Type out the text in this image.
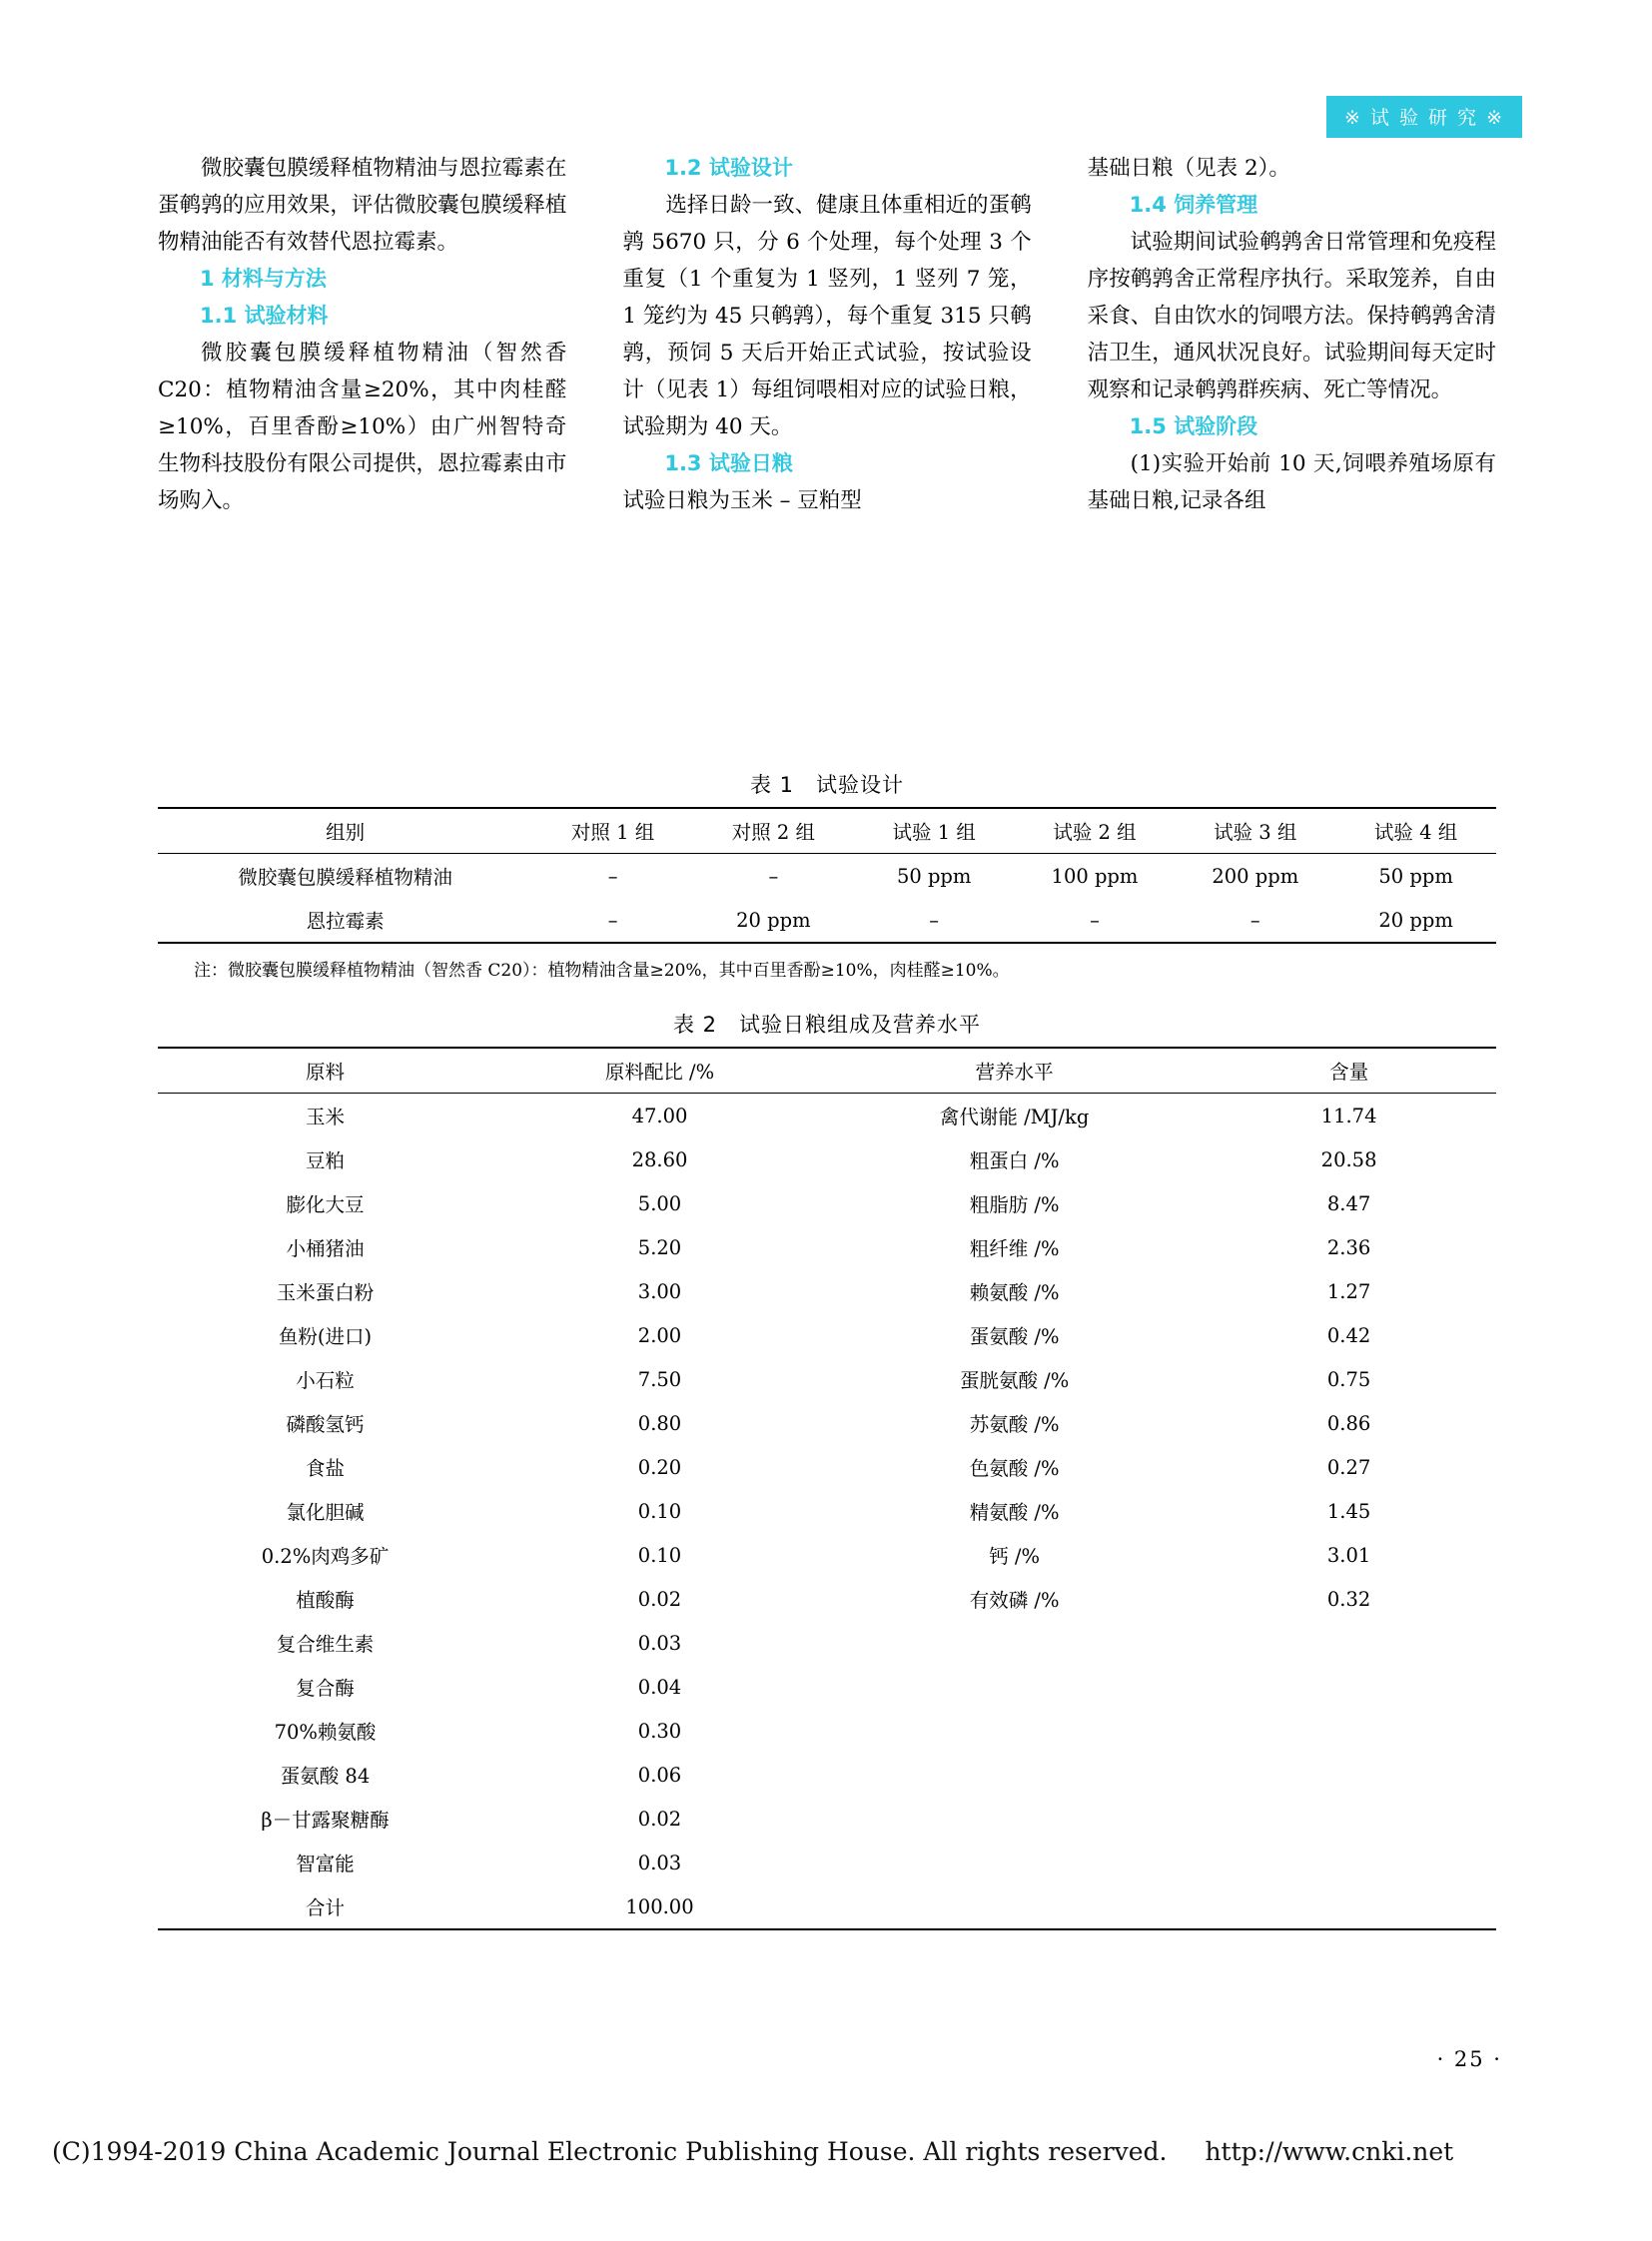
※ 试 验 研 究 ※

微胶囊包膜缓释植物精油与恩拉霉素在蛋鹌鹑的应用效果，评估微胶囊包膜缓释植物精油能否有效替代恩拉霉素。

1 材料与方法

1.1 试验材料

微胶囊包膜缓释植物精油（智然香 C20：植物精油含量≥20%，其中肉桂醛≥10%，百里香酚≥10%）由广州智特奇生物科技股份有限公司提供，恩拉霉素由市场购入。

1.2 试验设计

选择日龄一致、健康且体重相近的蛋鹌鹑 5670 只，分 6 个处理，每个处理 3 个重复（1 个重复为 1 竖列，1 竖列 7 笼，1 笼约为 45 只鹌鹑），每个重复 315 只鹌鹑，预饲 5 天后开始正式试验，按试验设计（见表 1）每组饲喂相对应的试验日粮，试验期为 40 天。

1.3 试验日粮

试验日粮为玉米 – 豆粕型

基础日粮（见表 2）。

1.4 饲养管理

试验期间试验鹌鹑舍日常管理和免疫程序按鹌鹑舍正常程序执行。采取笼养，自由采食、自由饮水的饲喂方法。保持鹌鹑舍清洁卫生，通风状况良好。试验期间每天定时观察和记录鹌鹑群疾病、死亡等情况。

1.5 试验阶段

(1)实验开始前 10 天,饲喂养殖场原有基础日粮,记录各组

表 1　试验设计
组别	对照 1 组	对照 2 组	试验 1 组	试验 2 组	试验 3 组	试验 4 组
微胶囊包膜缓释植物精油	–	–	50 ppm	100 ppm	200 ppm	50 ppm
恩拉霉素	–	20 ppm	–	–	–	20 ppm
注：微胶囊包膜缓释植物精油（智然香 C20）：植物精油含量≥20%，其中百里香酚≥10%，肉桂醛≥10%。
表 2　试验日粮组成及营养水平
原料	原料配比 /%	营养水平	含量
玉米	47.00	禽代谢能 /MJ/kg	11.74
豆粕	28.60	粗蛋白 /%	20.58
膨化大豆	5.00	粗脂肪 /%	8.47
小桶猪油	5.20	粗纤维 /%	2.36
玉米蛋白粉	3.00	赖氨酸 /%	1.27
鱼粉(进口)	2.00	蛋氨酸 /%	0.42
小石粒	7.50	蛋胱氨酸 /%	0.75
磷酸氢钙	0.80	苏氨酸 /%	0.86
食盐	0.20	色氨酸 /%	0.27
氯化胆碱	0.10	精氨酸 /%	1.45
0.2%肉鸡多矿	0.10	钙 /%	3.01
植酸酶	0.02	有效磷 /%	0.32
复合维生素	0.03		
复合酶	0.04		
70%赖氨酸	0.30		
蛋氨酸 84	0.06		
β－甘露聚糖酶	0.02		
智富能	0.03		
合计	100.00		
· 25 ·
(C)1994-2019 China Academic Journal Electronic Publishing House. All rights reserved. http://www.cnki.net
